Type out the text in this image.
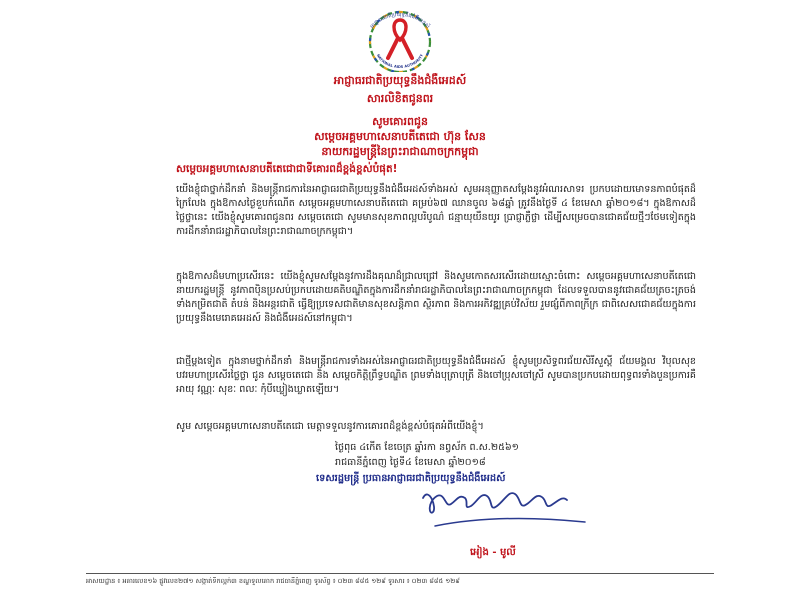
អាជ្ញាធរជាតិប្រយុទ្ធនឹងជំងឺអេដស៍
NATIONAL AIDS AUTHORITY
អាជ្ញាធរជាតិប្រយុទ្ធនឹងជំងឺអេដស៍
សារលិខិតជូនពរ
សូមគោរពជូន
សម្តេចអគ្គមហាសេនាបតីតេជោ ហ៊ុន សែន
នាយករដ្ឋមន្ត្រីនៃព្រះរាជាណាចក្រកម្ពុជា
សម្តេចអគ្គមហាសេនាបតីតេជោជាទីគោរពដ៏ខ្ពង់ខ្ពស់បំផុត!
យើងខ្ញុំជាថ្នាក់ដឹកនាំ និងមន្ត្រីរាជការនៃអាជ្ញាធរជាតិប្រយុទ្ធនឹងជំងឺអេដស៍ទាំងអស់ សូមអនុញ្ញាតសម្តែងនូវអំណរសាទរ ប្រកបដោយមោទនភាពបំផុតដ៏ក្រៃលែង ក្នុងឱកាសថ្ងៃខួបកំណើត សម្តេចអគ្គមហាសេនាបតីតេជោ គម្រប់៦៧ ឈានចូល ៦៨ឆ្នាំ ត្រូវនឹងថ្ងៃទី ៤ ខែមេសា ឆ្នាំ២០១៨។ ក្នុងឱកាសដ៏ថ្លៃថ្លានេះ យើងខ្ញុំសូមគោរពជូនពរ សម្តេចតេជោ សូមមានសុខភាពល្អបរិបូណ៌ ជន្មាយុយឺនយូរ ប្រាជ្ញាភ្លឺថ្លា ដើម្បីសម្រេចបានជោគជ័យថ្មីៗថែមទៀតក្នុងការដឹកនាំរាជរដ្ឋាភិបាលនៃព្រះរាជាណាចក្រកម្ពុជា។
ក្នុងឱកាសដ៏មហាប្រសើរនេះ យើងខ្ញុំសូមសម្តែងនូវការដឹងគុណដ៏ជ្រាលជ្រៅ និងសូមកោតសរសើរដោយស្មោះចំពោះ សម្តេចអគ្គមហាសេនាបតីតេជោ នាយករដ្ឋមន្ត្រី នូវភាពប៉ិនប្រសប់ប្រកបដោយគតិបណ្ឌិតក្នុងការដឹកនាំរាជរដ្ឋាភិបាលនៃព្រះរាជាណាចក្រកម្ពុជា ដែលទទួលបាននូវជោគជ័យត្រចះត្រចង់ទាំងកម្រិតជាតិ តំបន់ និងអន្តរជាតិ ធ្វើឱ្យប្រទេសជាតិមានសុខសន្តិភាព ស្ថិរភាព និងការអភិវឌ្ឍគ្រប់វិស័យ រួមផ្សំពីភាពក្រីក្រ ជាពិសេសជោគជ័យក្នុងការប្រយុទ្ធនឹងមេរោគអេដស៍ និងជំងឺអេដស៍នៅកម្ពុជា។
ជាថ្មីម្តងទៀត ក្នុងនាមថ្នាក់ដឹកនាំ និងមន្ត្រីរាជការទាំងអស់នៃអាជ្ញាធរជាតិប្រយុទ្ធនឹងជំងឺអេដស៍ ខ្ញុំសូមប្រសិទ្ធពរជ័យសិរីសួស្តី ជ័យមង្គល វិបុលសុខ បវរមហាប្រសើរថ្លៃថ្លា ជូន សម្តេចតេជោ និង សម្តេចកិត្តិព្រឹទ្ធបណ្ឌិត ព្រមទាំងបុត្រាបុត្រី និងចៅប្រុសចៅស្រី សូមបានប្រកបដោយពុទ្ធពរទាំងបួនប្រការគឺ អាយុ វណ្ណៈ សុខៈ ពលៈ កុំបីឃ្លៀងឃ្លាតឡើយ។
សូម សម្តេចអគ្គមហាសេនាបតីតេជោ មេត្តាទទួលនូវការគោរពដ៏ខ្ពង់ខ្ពស់បំផុតអំពីយើងខ្ញុំ។
ថ្ងៃពុធ ៤កើត ខែចេត្រ ឆ្នាំរកា នព្វស័ក ព.ស.២៥៦១
រាជធានីភ្នំពេញ ថ្ងៃទី៤ ខែមេសា ឆ្នាំ២០១៨
ទេសរដ្ឋមន្ត្រី ប្រធានអាជ្ញាធរជាតិប្រយុទ្ធនឹងជំងឺអេដស៍
អៀង - មូលី
អាសយដ្ឋាន ៖ អគារលេខ១៦ ផ្លូវលេខ២៧១ សង្កាត់ទឹកល្អក់៣ ខណ្ឌទួលគោក រាជធានីភ្នំពេញ ទូរស័ព្ទ ៖ ០២៣ ៨៨៥ ១២៩ ទូរសារ ៖ ០២៣ ៨៨៥ ១២៩
